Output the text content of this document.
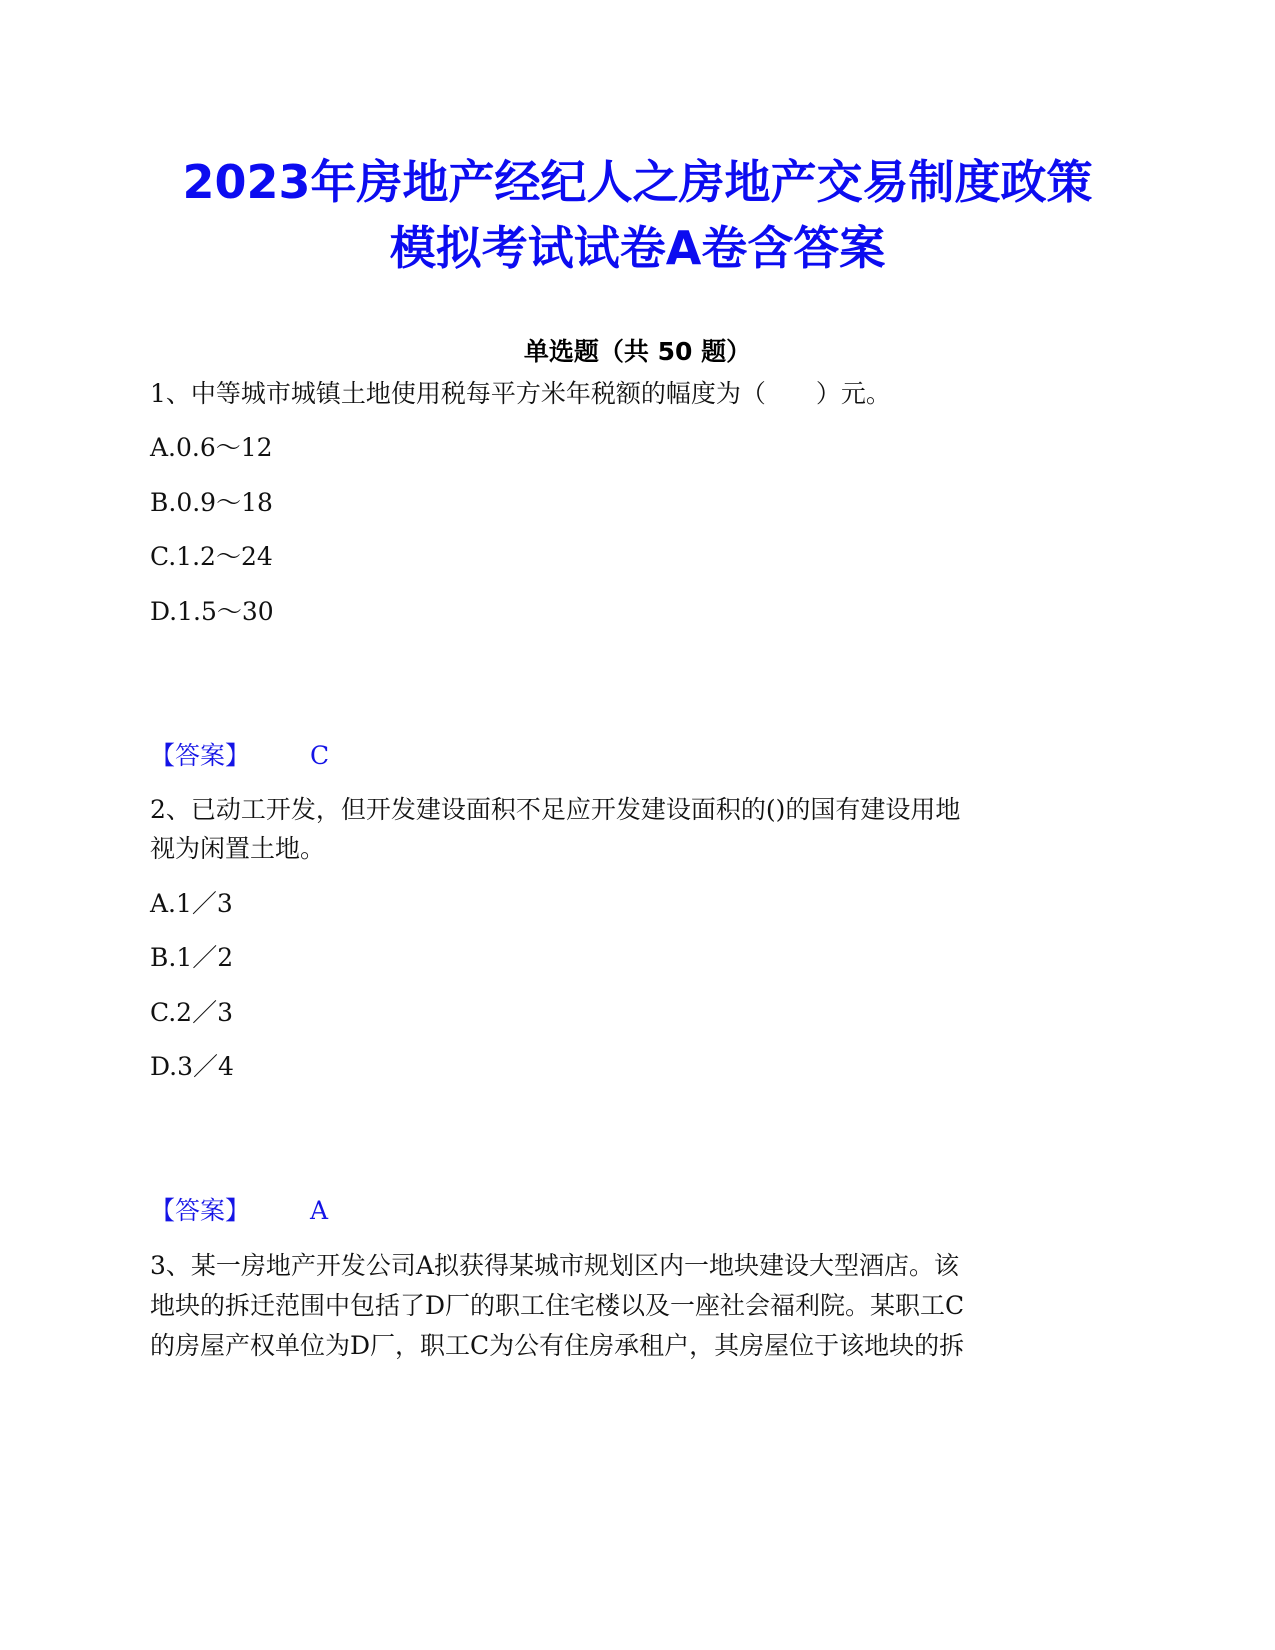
2023年房地产经纪人之房地产交易制度政策
模拟考试试卷A卷含答案
单选题（共 50 题）
1、中等城市城镇土地使用税每平方米年税额的幅度为（　　）元。
A.0.6～12
B.0.9～18
C.1.2～24
D.1.5～30
【答案】 C
2、已动工开发，但开发建设面积不足应开发建设面积的()的国有建设用地
视为闲置土地。
A.1／3
B.1／2
C.2／3
D.3／4
【答案】 A
3、某一房地产开发公司A拟获得某城市规划区内一地块建设大型酒店。该
地块的拆迁范围中包括了D厂的职工住宅楼以及一座社会福利院。某职工C
的房屋产权单位为D厂，职工C为公有住房承租户，其房屋位于该地块的拆
